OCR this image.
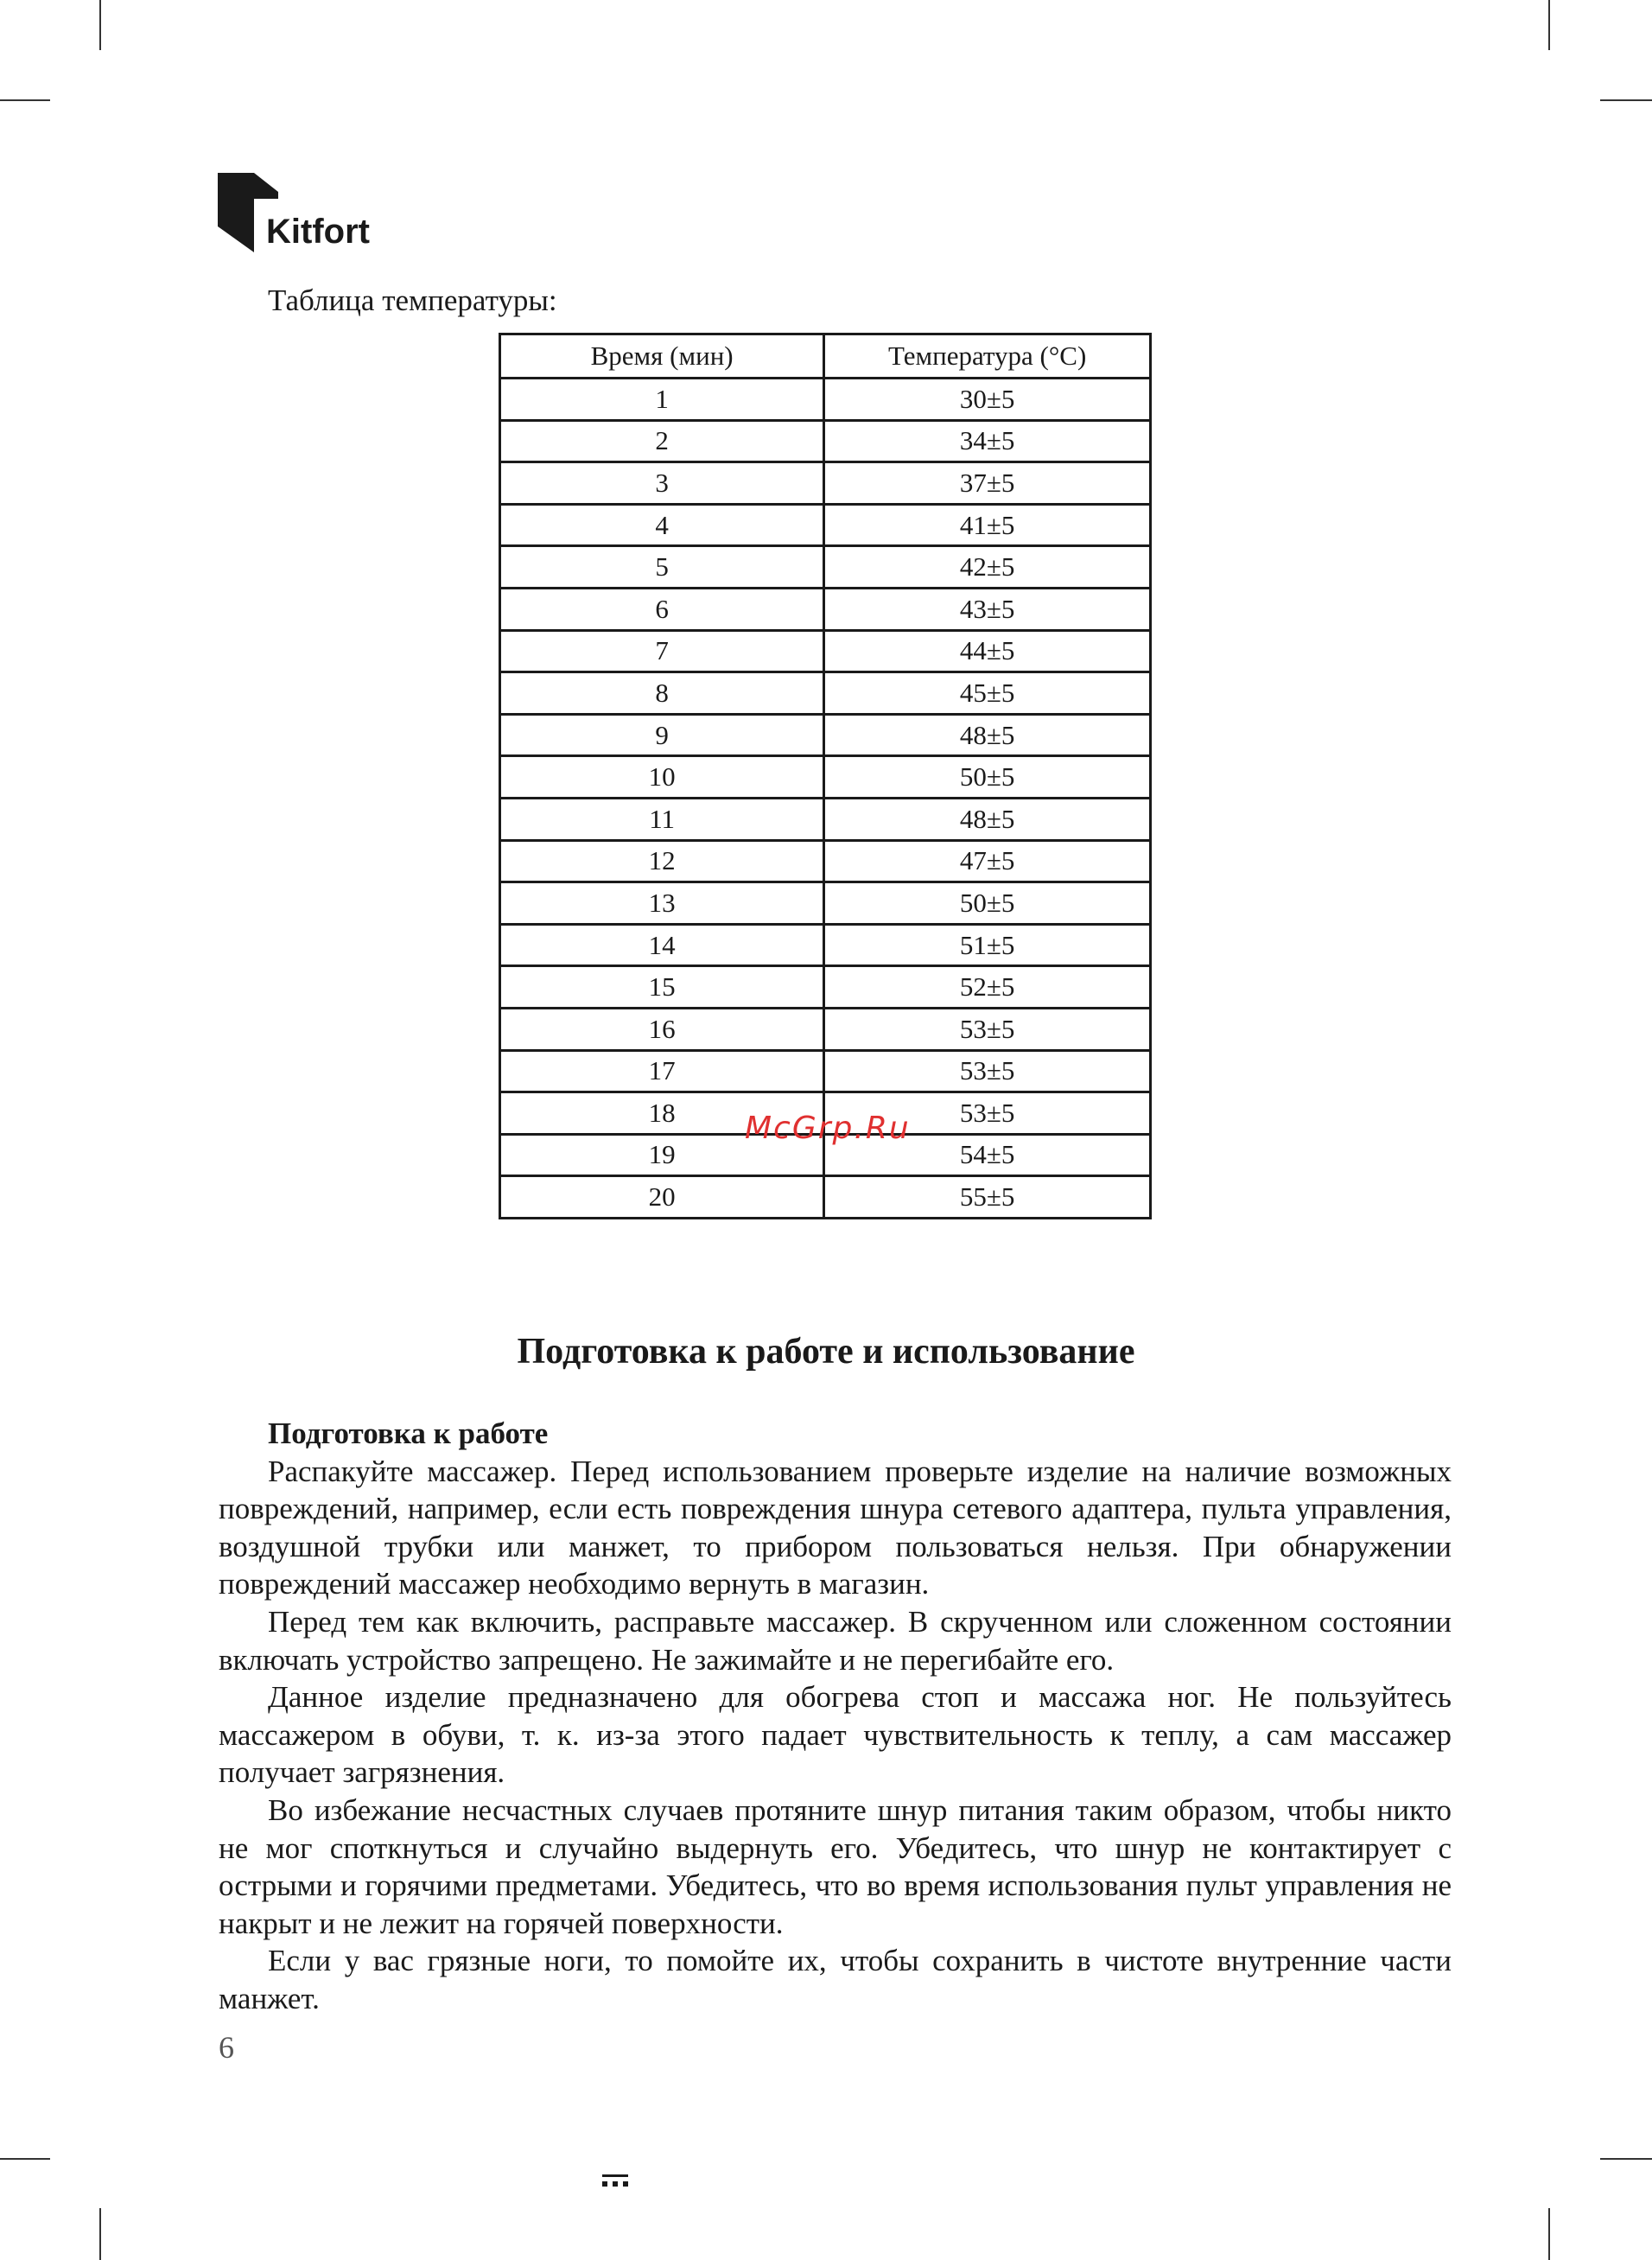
Kitfort
Таблица температуры:
Время (мин)	Температура (°С)
1	30±5
2	34±5
3	37±5
4	41±5
5	42±5
6	43±5
7	44±5
8	45±5
9	48±5
10	50±5
11	48±5
12	47±5
13	50±5
14	51±5
15	52±5
16	53±5
17	53±5
18	53±5
19	54±5
20	55±5
McGrp.Ru
Подготовка к работе и использование
Подготовка к работе

Распакуйте массажер. Перед использованием проверьте изделие на наличие возможных повреждений, например, если есть повреждения шнура сетевого адаптера, пульта управления, воздушной трубки или манжет, то прибором пользоваться нельзя. При обнаружении повреждений массажер необходимо вернуть в магазин.

Перед тем как включить, расправьте массажер. В скрученном или сложенном состоянии включать устройство запрещено. Не зажимайте и не перегибайте его.

Данное изделие предназначено для обогрева стоп и массажа ног. Не пользуйтесь массажером в обуви, т. к. из-за этого падает чувствительность к теплу, а сам массажер получает загрязнения.

Во избежание несчастных случаев протяните шнур питания таким образом, чтобы никто не мог споткнуться и случайно выдернуть его. Убедитесь, что шнур не контактирует с острыми и горячими предметами. Убедитесь, что во время использования пульт управления не накрыт и не лежит на горячей поверхности.

Если у вас грязные ноги, то помойте их, чтобы сохранить в чистоте внутренние части манжет.

6
